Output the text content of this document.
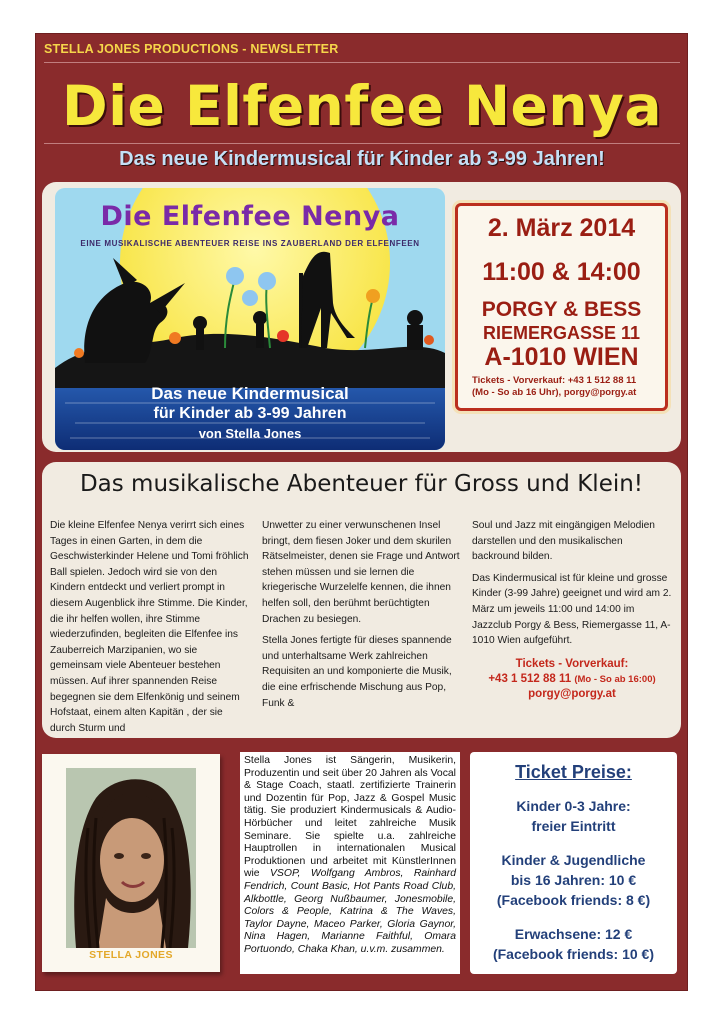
STELLA JONES PRODUCTIONS - NEWSLETTER
Die Elfenfee Nenya
Das neue Kindermusical für Kinder ab 3-99 Jahren!
Die Elfenfee Nenya
EINE MUSIKALISCHE ABENTEUER REISE INS ZAUBERLAND DER ELFENFEEN
Das neue Kindermusical
für Kinder ab 3-99 Jahren
von Stella Jones
2. März 2014
11:00 & 14:00
PORGY & BESS
RIEMERGASSE 11
A-1010 WIEN
Tickets - Vorverkauf: +43 1 512 88 11
(Mo - So ab 16 Uhr), porgy@porgy.at
Das musikalische Abenteuer für Gross und Klein!

Die kleine Elfenfee Nenya verirrt sich eines Tages in einen Garten, in dem die Geschwisterkinder Helene und Tomi fröhlich Ball spielen. Jedoch wird sie von den Kindern entdeckt und verliert prompt in diesem Augenblick ihre Stimme. Die Kinder, die ihr helfen wollen, ihre Stimme wiederzufinden, begleiten die Elfenfee ins Zauberreich Marzipanien, wo sie gemeinsam viele Abenteuer bestehen müssen. Auf ihrer spannenden Reise begegnen sie dem Elfenkönig und seinem Hofstaat, einem alten Kapitän , der sie durch Sturm und

Unwetter zu einer verwunschenen Insel bringt, dem fiesen Joker und dem skurilen Rätselmeister, denen sie Frage und Antwort stehen müssen und sie lernen die kriegerische Wurzelelfe kennen, die ihnen helfen soll, den berühmt berüchtigten Drachen zu besiegen.

Stella Jones fertigte für dieses spannende und unterhaltsame Werk zahlreichen Requisiten an und komponierte die Musik, die eine erfrischende Mischung aus Pop, Funk &

Soul und Jazz mit eingängigen Melodien darstellen und den musikalischen backround bilden.

Das Kindermusical ist für kleine und grosse Kinder (3-99 Jahre) geeignet und wird am 2. März um jeweils 11:00 und 14:00 im Jazzclub Porgy & Bess, Riemergasse 11, A-1010 Wien aufgeführt.

Tickets - Vorverkauf:
+43 1 512 88 11 (Mo - So ab 16:00)
porgy@porgy.at
STELLA JONES
Stella Jones ist Sängerin, Musikerin, Produzentin und seit über 20 Jahren als Vocal & Stage Coach, staatl. zertifizierte Trainerin und Dozentin für Pop, Jazz & Gospel Music tätig. Sie produziert Kindermusicals & Audio- Hörbücher und leitet zahlreiche Musik Seminare. Sie spielte u.a. zahlreiche Hauptrollen in internationalen Musical Produktionen und arbeitet mit KünstlerInnen wie VSOP, Wolfgang Ambros, Rainhard Fendrich, Count Basic, Hot Pants Road Club, Alkbottle, Georg Nußbaumer, Jonesmobile, Colors & People, Katrina & The Waves, Taylor Dayne, Maceo Parker, Gloria Gaynor, Nina Hagen, Marianne Faithful, Omara Portuondo, Chaka Khan, u.v.m. zusammen.
Ticket Preise:
Kinder 0-3 Jahre:
freier Eintritt
Kinder & Jugendliche
bis 16 Jahren: 10 €
(Facebook friends: 8 €)
Erwachsene: 12 €
(Facebook friends: 10 €)
